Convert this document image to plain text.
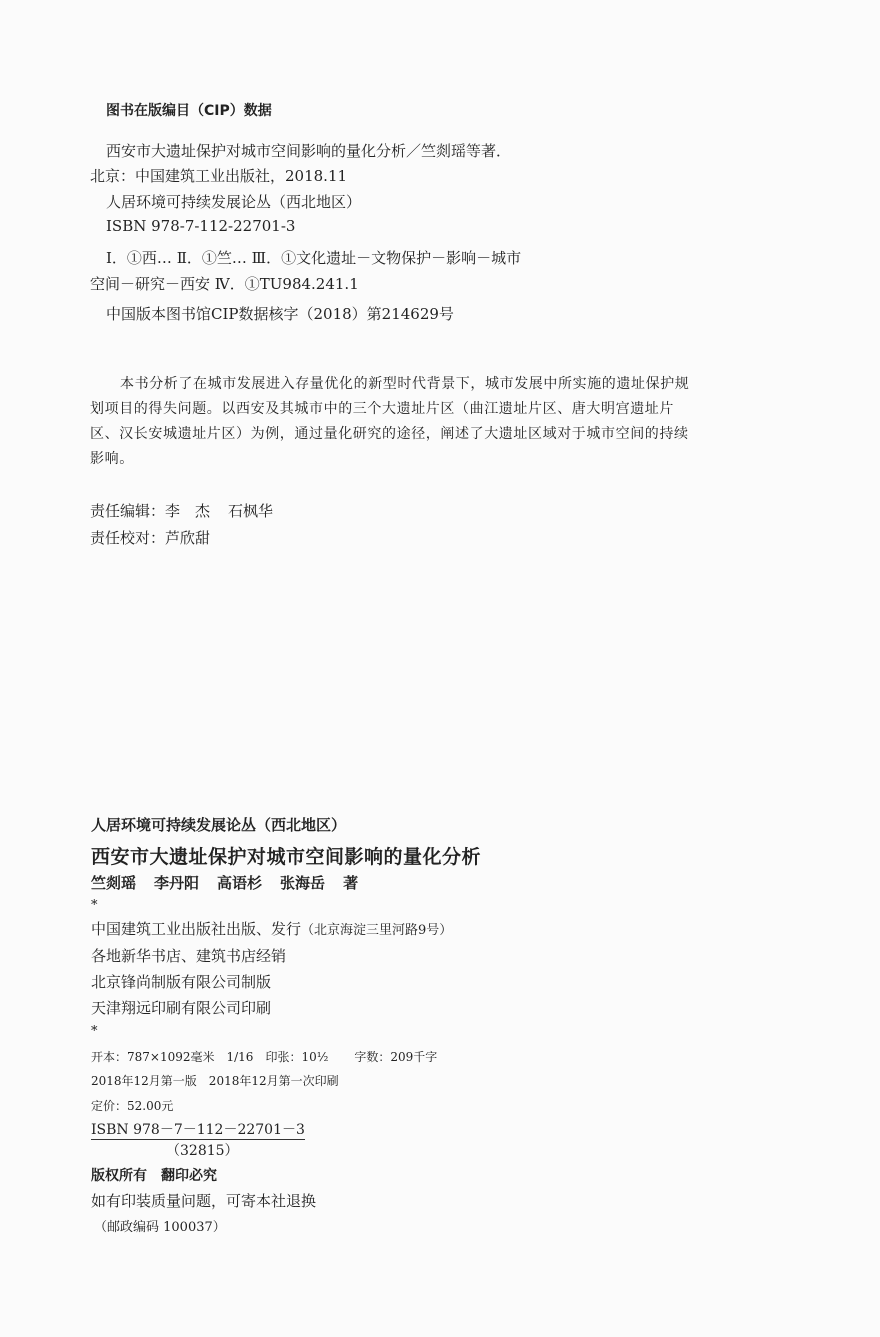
图书在版编目（CIP）数据
西安市大遗址保护对城市空间影响的量化分析／竺剡瑶等著．
北京：中国建筑工业出版社，2018.11
人居环境可持续发展论丛（西北地区）
ISBN 978-7-112-22701-3
Ⅰ．①西… Ⅱ．①竺… Ⅲ．①文化遗址－文物保护－影响－城市
空间－研究－西安 Ⅳ．①TU984.241.1
中国版本图书馆CIP数据核字（2018）第214629号
本书分析了在城市发展进入存量优化的新型时代背景下，城市发展中所实施的遗址保护规划项目的得失问题。以西安及其城市中的三个大遗址片区（曲江遗址片区、唐大明宫遗址片区、汉长安城遗址片区）为例，通过量化研究的途径，阐述了大遗址区域对于城市空间的持续影响。
责任编辑：李　杰 石枫华
责任校对：芦欣甜
人居环境可持续发展论丛（西北地区）
西安市大遗址保护对城市空间影响的量化分析
竺剡瑶 李丹阳 高语杉 张海岳 著
*
中国建筑工业出版社出版、发行（北京海淀三里河路9号）
各地新华书店、建筑书店经销
北京锋尚制版有限公司制版
天津翔远印刷有限公司印刷
*
开本：787×1092毫米　1/16　印张：10½ 字数：209千字
2018年12月第一版　2018年12月第一次印刷
定价：52.00元
ISBN 978－7－112－22701－3
（32815）
版权所有　翻印必究
如有印装质量问题，可寄本社退换
（邮政编码 100037）
